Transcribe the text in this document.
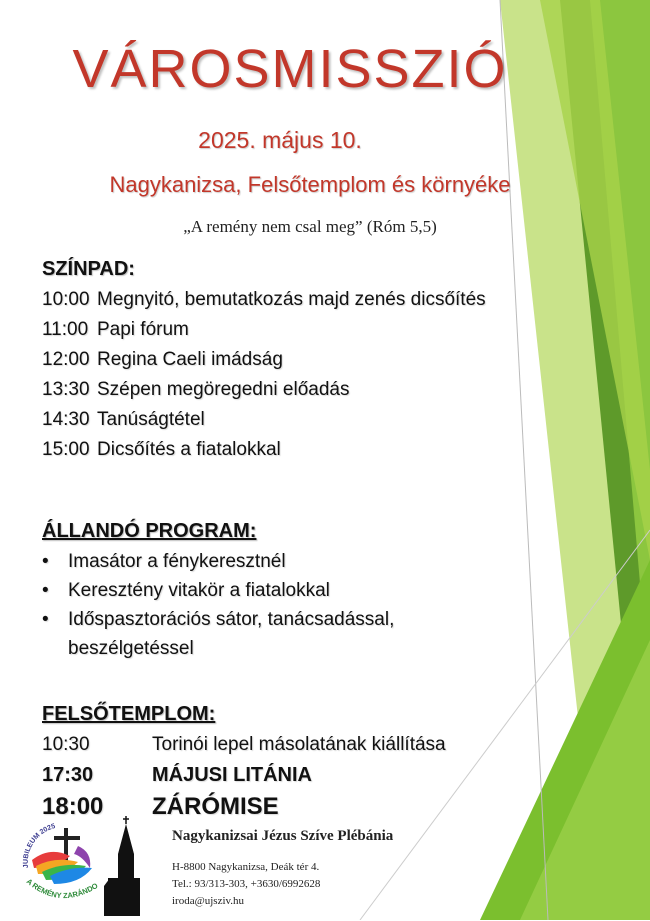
VÁROSMISSZIÓ
2025. május 10.
Nagykanizsa, Felsőtemplom és környéke
„A remény nem csal meg” (Róm 5,5)
SZÍNPAD:
10:00 Megnyitó, bemutatkozás majd zenés dicsőítés
11:00 Papi fórum
12:00 Regina Caeli imádság
13:30 Szépen megöregedni előadás
14:30 Tanúságtétel
15:00 Dicsőítés a fiatalokkal
ÁLLANDÓ PROGRAM:
• Imasátor a fénykeresztnél
• Keresztény vitakör a fiatalokkal
• Időspasztorációs sátor, tanácsadással, beszélgetéssel
FELSŐTEMPLOM:
10:30	Torinói lepel másolatának kiállítása
17:30	MÁJUSI LITÁNIA
18:00	ZÁRÓMISE
JUBILEUM 2025
A REMÉNY ZARÁNDO
Nagykanizsai Jézus Szíve Plébánia
H-8800 Nagykanizsa, Deák tér 4.
Tel.: 93/313-303, +3630/6992628
iroda@ujsziv.hu
